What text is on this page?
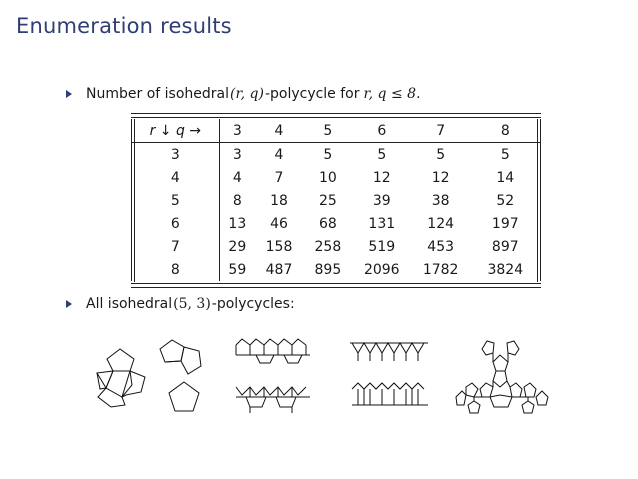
Enumeration results
Number of isohedral (r, q) -polycycle for r, q ≤ 8 .
r ↓ q →	3	4	5	6	7	8
3	3	4	5	5	5	5
4	4	7	10	12	12	14
5	8	18	25	39	38	52
6	13	46	68	131	124	197
7	29	158	258	519	453	897
8	59	487	895	2096	1782	3824
All isohedral (5, 3) -polycycles:
